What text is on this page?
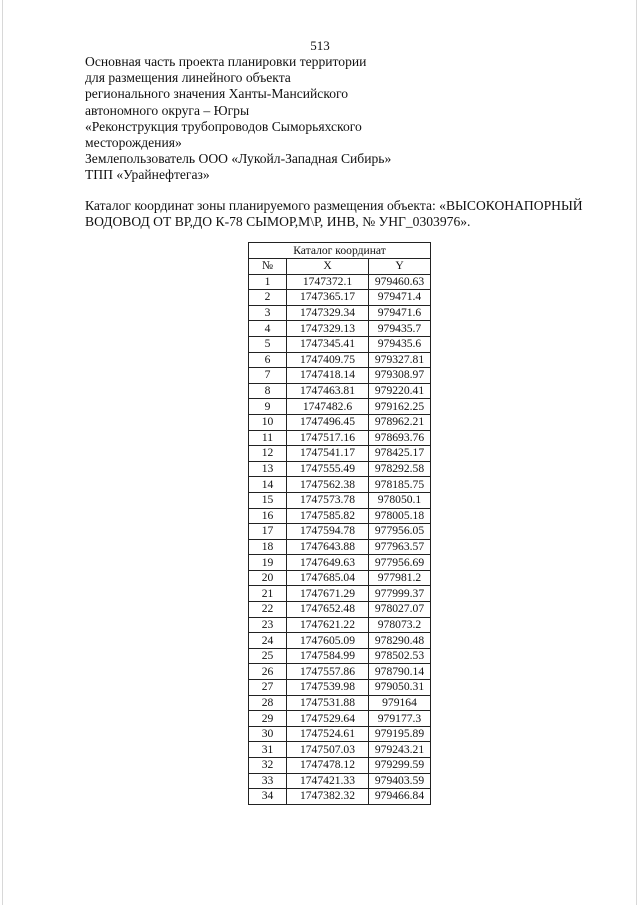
513
Основная часть проекта планировки территории
для размещения линейного объекта
регионального значения Ханты-Мансийского
автономного округа – Югры
«Реконструкция трубопроводов Сыморьяхского
месторождения»
Землепользователь ООО «Лукойл-Западная Сибирь»
ТПП «Урайнефтегаз»
Каталог координат зоны планируемого размещения объекта: «ВЫСОКОНАПОРНЫЙ
ВОДОВОД ОТ ВР,ДО К-78 СЫМОР,М\Р, ИНВ, № УНГ_0303976».
Каталог координат		
№	X	Y
1	1747372.1	979460.63
2	1747365.17	979471.4
3	1747329.34	979471.6
4	1747329.13	979435.7
5	1747345.41	979435.6
6	1747409.75	979327.81
7	1747418.14	979308.97
8	1747463.81	979220.41
9	1747482.6	979162.25
10	1747496.45	978962.21
11	1747517.16	978693.76
12	1747541.17	978425.17
13	1747555.49	978292.58
14	1747562.38	978185.75
15	1747573.78	978050.1
16	1747585.82	978005.18
17	1747594.78	977956.05
18	1747643.88	977963.57
19	1747649.63	977956.69
20	1747685.04	977981.2
21	1747671.29	977999.37
22	1747652.48	978027.07
23	1747621.22	978073.2
24	1747605.09	978290.48
25	1747584.99	978502.53
26	1747557.86	978790.14
27	1747539.98	979050.31
28	1747531.88	979164
29	1747529.64	979177.3
30	1747524.61	979195.89
31	1747507.03	979243.21
32	1747478.12	979299.59
33	1747421.33	979403.59
34	1747382.32	979466.84
